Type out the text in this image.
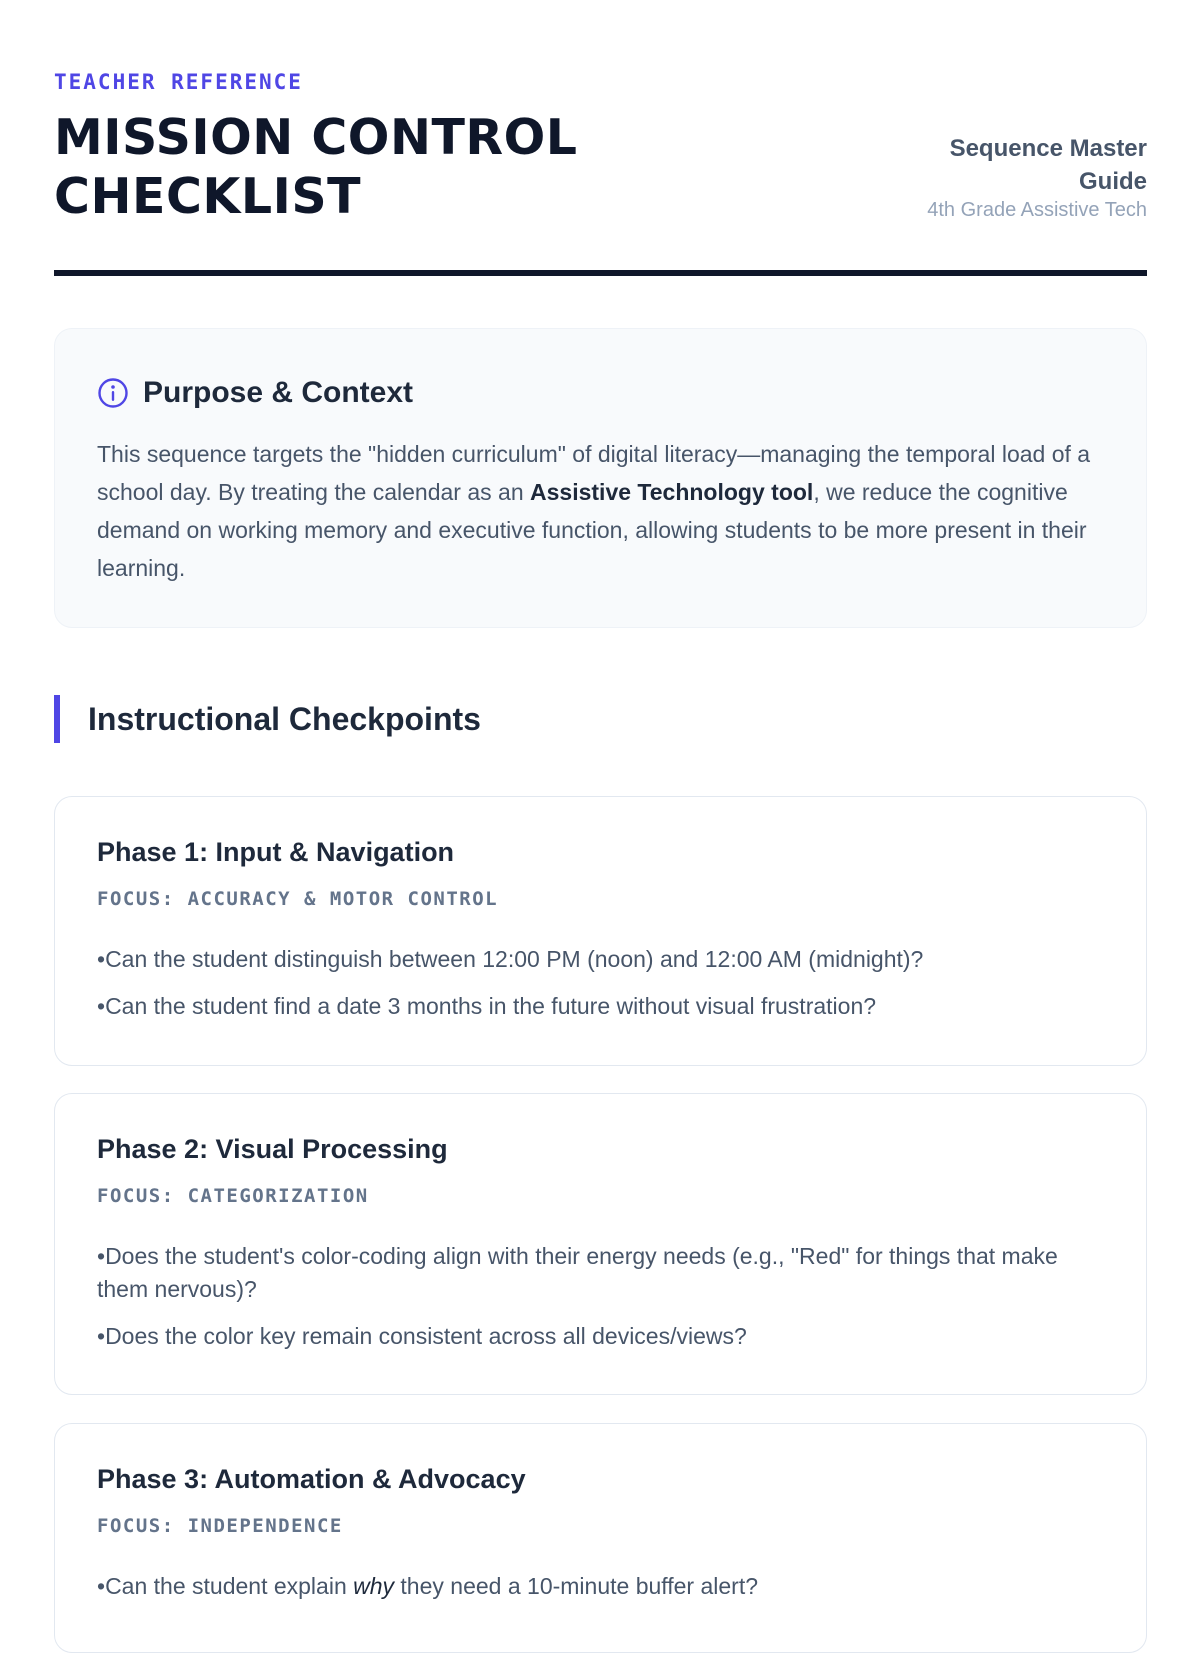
TEACHER REFERENCE
MISSION CONTROL
CHECKLIST
Sequence Master
Guide
4th Grade Assistive Tech
Purpose & Context

This sequence targets the "hidden curriculum" of digital literacy—managing the temporal load of a school day. By treating the calendar as an Assistive Technology tool, we reduce the cognitive demand on working memory and executive function, allowing students to be more present in their learning.

Instructional Checkpoints
Phase 1: Input & Navigation
FOCUS: ACCURACY & MOTOR CONTROL
• Can the student distinguish between 12:00 PM (noon) and 12:00 AM (midnight)?
• Can the student find a date 3 months in the future without visual frustration?
Phase 2: Visual Processing
FOCUS: CATEGORIZATION
• Does the student's color-coding align with their energy needs (e.g., "Red" for things that make them nervous)?
• Does the color key remain consistent across all devices/views?
Phase 3: Automation & Advocacy
FOCUS: INDEPENDENCE
• Can the student explain why they need a 10-minute buffer alert?
